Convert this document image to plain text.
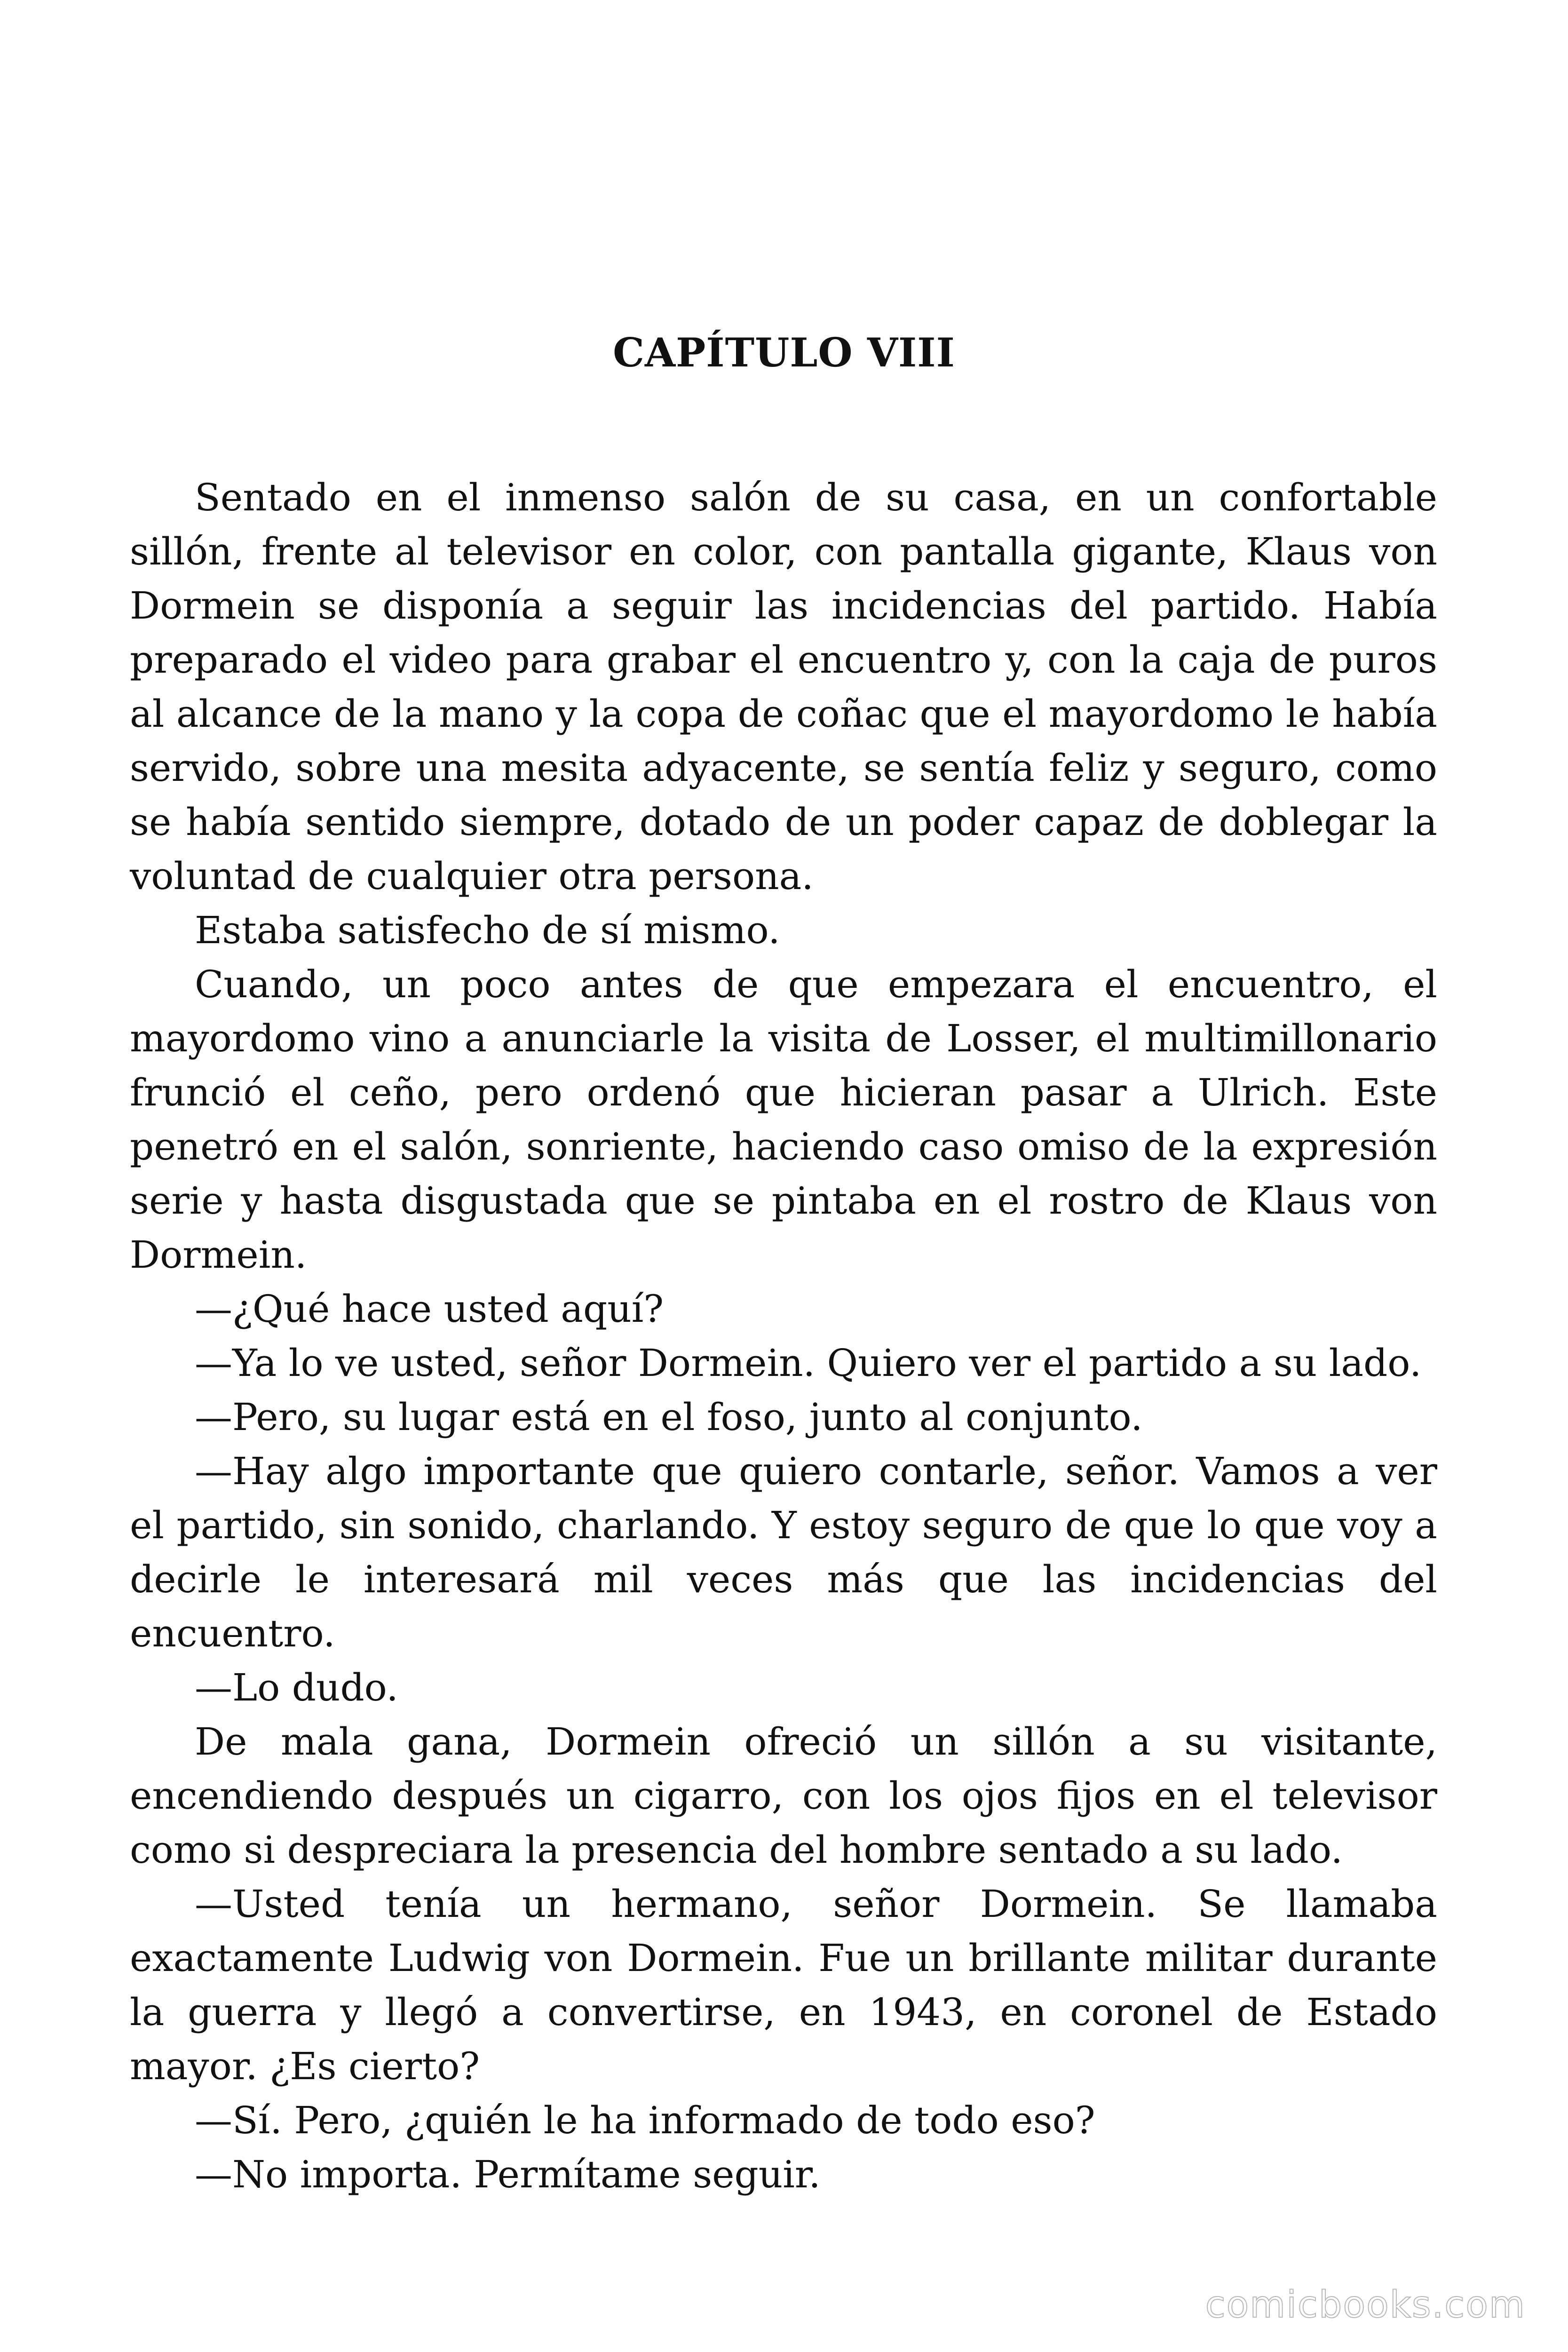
CAPÍTULO VIII

Sentado en el inmenso salón de su casa, en un confortable sillón, frente al televisor en color, con pantalla gigante, Klaus von Dormein se disponía a seguir las incidencias del partido. Había preparado el video para grabar el encuentro y, con la caja de puros al alcance de la mano y la copa de coñac que el mayordomo le había servido, sobre una mesita adyacente, se sentía feliz y seguro, como se había sentido siempre, dotado de un poder capaz de doblegar la voluntad de cualquier otra persona.

Estaba satisfecho de sí mismo.

Cuando, un poco antes de que empezara el encuentro, el mayordomo vino a anunciarle la visita de Losser, el multimillonario frunció el ceño, pero ordenó que hicieran pasar a Ulrich. Este penetró en el salón, sonriente, haciendo caso omiso de la expresión serie y hasta disgustada que se pintaba en el rostro de Klaus von Dormein.

—¿Qué hace usted aquí?

—Ya lo ve usted, señor Dormein. Quiero ver el partido a su lado.

—Pero, su lugar está en el foso, junto al conjunto.

—Hay algo importante que quiero contarle, señor. Vamos a ver el partido, sin sonido, charlando. Y estoy seguro de que lo que voy a decirle le interesará mil veces más que las incidencias del encuentro.

—Lo dudo.

De mala gana, Dormein ofreció un sillón a su visitante, encendiendo después un cigarro, con los ojos fijos en el televisor como si despreciara la presencia del hombre sentado a su lado.

—Usted tenía un hermano, señor Dormein. Se llamaba exactamente Ludwig von Dormein. Fue un brillante militar durante la guerra y llegó a convertirse, en 1943, en coronel de Estado mayor. ¿Es cierto?

—Sí. Pero, ¿quién le ha informado de todo eso?

—No importa. Permítame seguir.

comicbooks.com
